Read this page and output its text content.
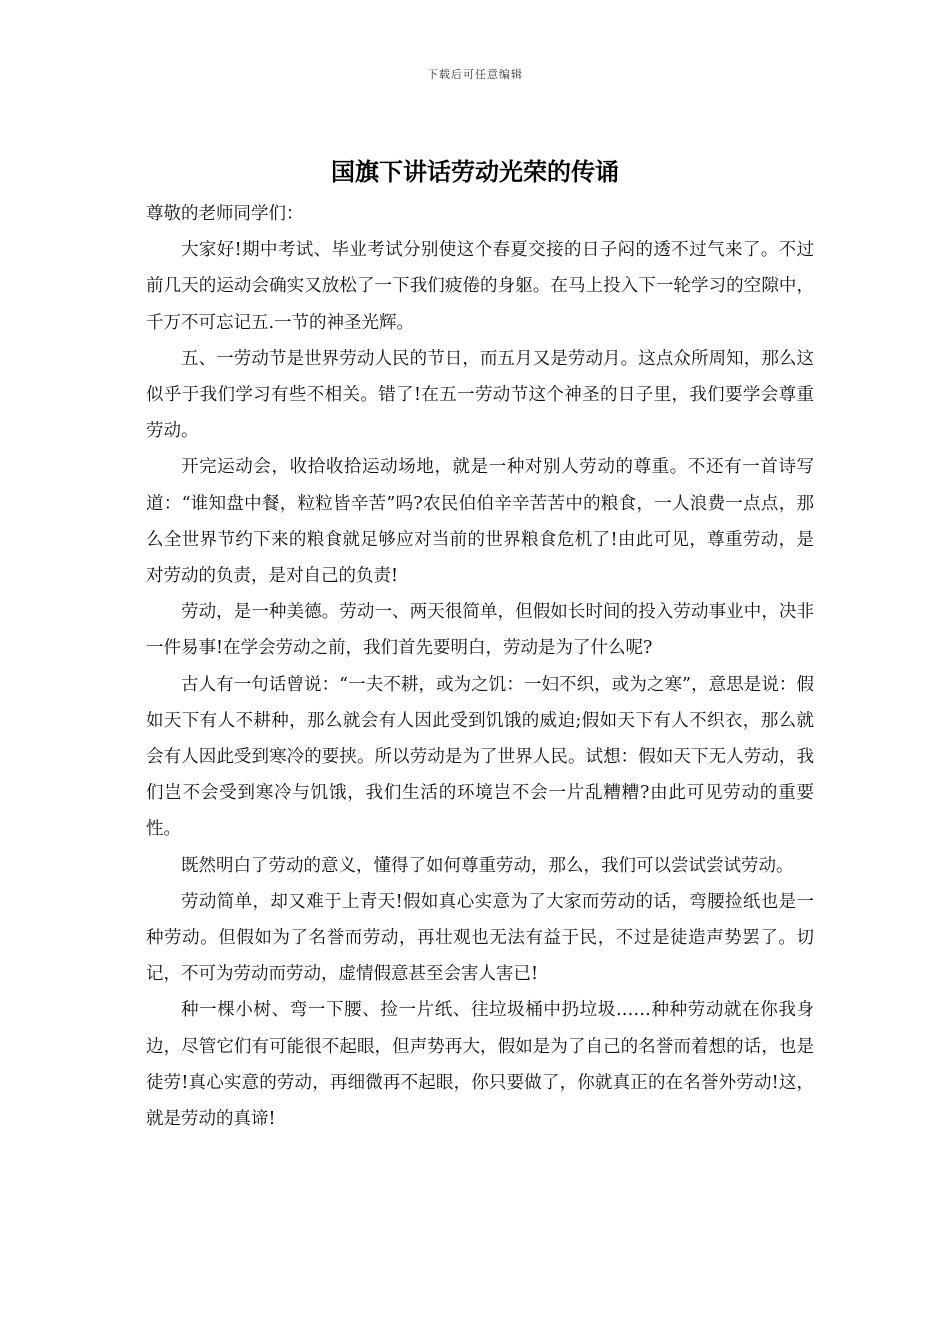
下载后可任意编辑
国旗下讲话劳动光荣的传诵

尊敬的老师同学们：

大家好!期中考试、毕业考试分别使这个春夏交接的日子闷的透不过气来了。不过前几天的运动会确实又放松了一下我们疲倦的身躯。在马上投入下一轮学习的空隙中，千万不可忘记五.一节的神圣光辉。

五、一劳动节是世界劳动人民的节日，而五月又是劳动月。这点众所周知，那么这似乎于我们学习有些不相关。错了!在五一劳动节这个神圣的日子里，我们要学会尊重劳动。

开完运动会，收拾收拾运动场地，就是一种对别人劳动的尊重。不还有一首诗写道：“谁知盘中餐，粒粒皆辛苦”吗?农民伯伯辛辛苦苦中的粮食，一人浪费一点点，那么全世界节约下来的粮食就足够应对当前的世界粮食危机了!由此可见，尊重劳动，是对劳动的负责，是对自己的负责!

劳动，是一种美德。劳动一、两天很简单，但假如长时间的投入劳动事业中，决非一件易事!在学会劳动之前，我们首先要明白，劳动是为了什么呢?

古人有一句话曾说：“一夫不耕，或为之饥：一妇不织，或为之寒”，意思是说：假如天下有人不耕种，那么就会有人因此受到饥饿的威迫;假如天下有人不织衣，那么就会有人因此受到寒冷的要挟。所以劳动是为了世界人民。试想：假如天下无人劳动，我们岂不会受到寒冷与饥饿，我们生活的环境岂不会一片乱糟糟?由此可见劳动的重要性。

既然明白了劳动的意义，懂得了如何尊重劳动，那么，我们可以尝试尝试劳动。

劳动简单，却又难于上青天!假如真心实意为了大家而劳动的话，弯腰捡纸也是一种劳动。但假如为了名誉而劳动，再壮观也无法有益于民，不过是徒造声势罢了。切记，不可为劳动而劳动，虚情假意甚至会害人害已!

种一棵小树、弯一下腰、捡一片纸、往垃圾桶中扔垃圾……种种劳动就在你我身边，尽管它们有可能很不起眼，但声势再大，假如是为了自己的名誉而着想的话，也是徒劳!真心实意的劳动，再细微再不起眼，你只要做了，你就真正的在名誉外劳动!这，就是劳动的真谛!
